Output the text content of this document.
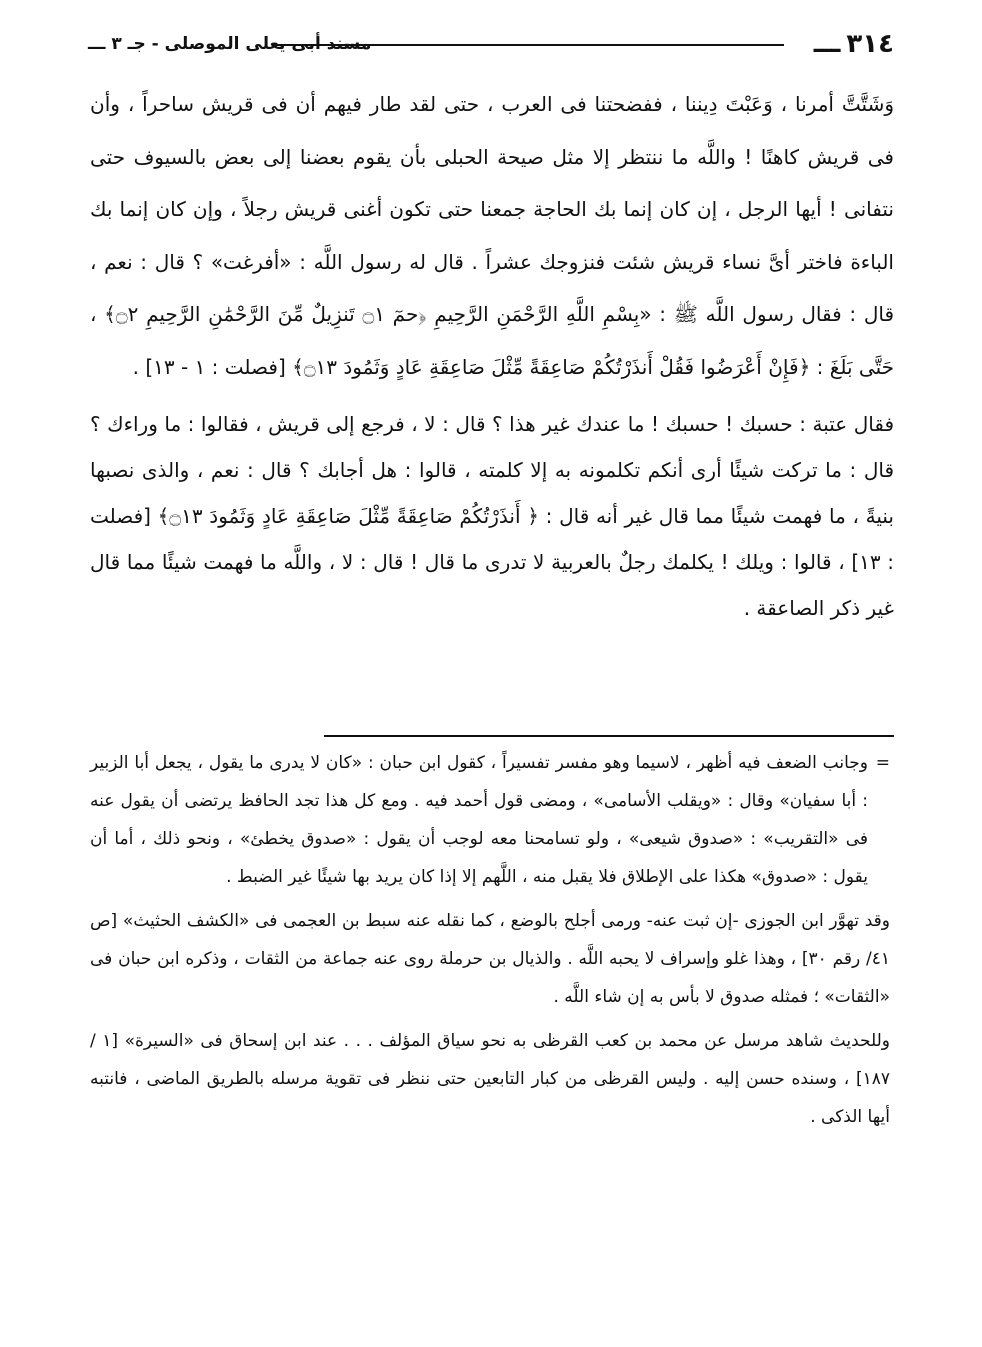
٣١٤ـــ
مسند أبى يعلى الموصلى - جـ ٣ ـــ

وَشَتَّتَّ أمرنا ، وَعَبْتَ دِيننا ، ففضحتنا فى العرب ، حتى لقد طار فيهم أن فى قريش ساحراً ، وأن فى قريش كاهنًا ! واللَّه ما ننتظر إلا مثل صيحة الحبلى بأن يقوم بعضنا إلى بعض بالسيوف حتى نتفانى ! أيها الرجل ، إن كان إنما بك الحاجة جمعنا حتى تكون أغنى قريش رجلاً ، وإن كان إنما بك الباءة فاختر أىَّ نساء قريش شئت فنزوجك عشراً . قال له رسول اللَّه : «أفرغت» ؟ قال : نعم ، قال : فقال رسول اللَّه ﷺ : «بِسْمِ اللَّهِ الرَّحْمَنِ الرَّحِيمِ ﴿حمٓ ۝١ تَنزِيلٌ مِّنَ الرَّحْمَٰنِ الرَّحِيمِ ۝٢﴾ ، حَتَّى بَلَغَ : ﴿فَإِنْ أَعْرَضُوا فَقُلْ أَنذَرْتُكُمْ صَاعِقَةً مِّثْلَ صَاعِقَةِ عَادٍ وَثَمُودَ ۝١٣﴾ [فصلت : ١ - ١٣] .

فقال عتبة : حسبك ! حسبك ! ما عندك غير هذا ؟ قال : لا ، فرجع إلى قريش ، فقالوا : ما وراءك ؟ قال : ما تركت شيئًا أرى أنكم تكلمونه به إلا كلمته ، قالوا : هل أجابك ؟ قال : نعم ، والذى نصبها بنيةً ، ما فهمت شيئًا مما قال غير أنه قال : ﴿ أَنذَرْتُكُمْ صَاعِقَةً مِّثْلَ صَاعِقَةِ عَادٍ وَثَمُودَ ۝١٣﴾ [فصلت : ١٣] ، قالوا : ويلك ! يكلمك رجلٌ بالعربية لا تدرى ما قال ! قال : لا ، واللَّه ما فهمت شيئًا مما قال غير ذكر الصاعقة .

=
وجانب الضعف فيه أظهر ، لاسيما وهو مفسر تفسيراً ، كقول ابن حبان : «كان لا يدرى ما يقول ، يجعل أبا الزبير : أبا سفيان» وقال : «ويقلب الأسامى» ، ومضى قول أحمد فيه . ومع كل هذا تجد الحافظ يرتضى أن يقول عنه فى «التقريب» : «صدوق شيعى» ، ولو تسامحنا معه لوجب أن يقول : «صدوق يخطئ» ، ونحو ذلك ، أما أن يقول : «صدوق» هكذا على الإطلاق فلا يقبل منه ، اللَّهم إلا إذا كان يريد بها شيئًا غير الضبط .

وقد تهوَّر ابن الجوزى -إن ثبت عنه- ورمى أجلح بالوضع ، كما نقله عنه سبط بن العجمى فى «الكشف الحثيث» [ص ٤١/ رقم ٣٠] ، وهذا غلو وإسراف لا يحبه اللَّه . والذيال بن حرملة روى عنه جماعة من الثقات ، وذكره ابن حبان فى «الثقات» ؛ فمثله صدوق لا بأس به إن شاء اللَّه .

وللحديث شاهد مرسل عن محمد بن كعب القرظى به نحو سياق المؤلف . . . عند ابن إسحاق فى «السيرة» [١ / ١٨٧] ، وسنده حسن إليه . وليس القرظى من كبار التابعين حتى ننظر فى تقوية مرسله بالطريق الماضى ، فانتبه أيها الذكى .
